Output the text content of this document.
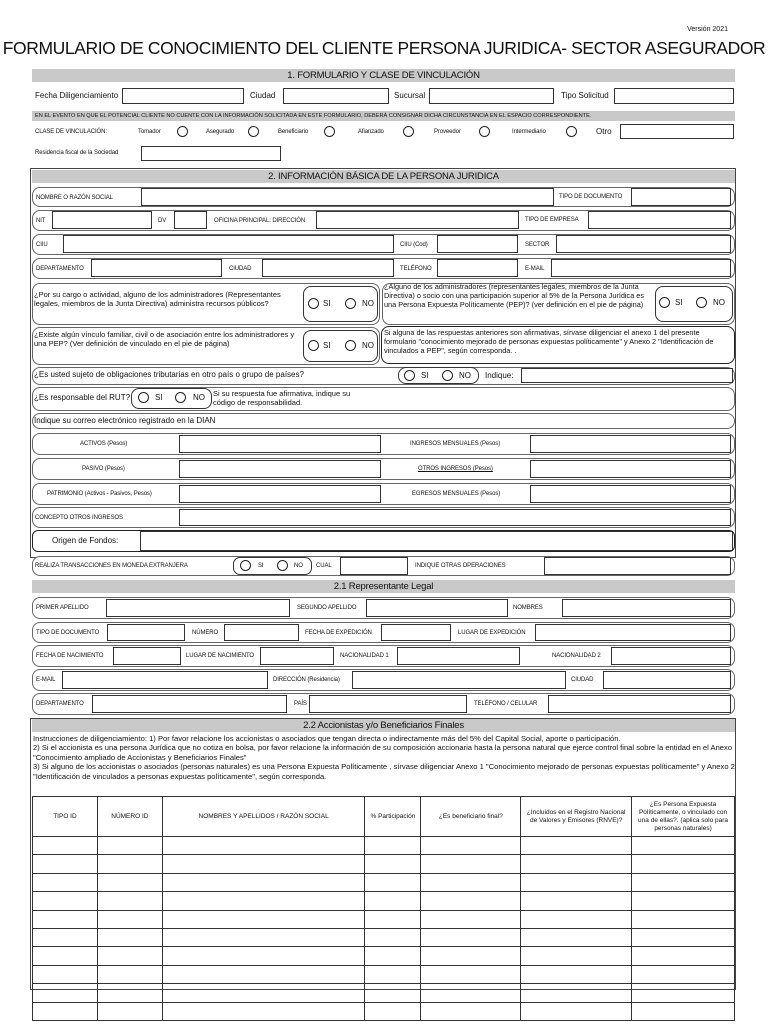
Versión 2021
FORMULARIO DE CONOCIMIENTO DEL CLIENTE PERSONA JURIDICA- SECTOR ASEGURADOR
1. FORMULARIO Y CLASE DE VINCULACIÓN
Fecha Diligenciamiento	Ciudad	Sucursal	Tipo Solicitud
EN EL EVENTO EN QUE EL POTENCIAL CLIENTE NO CUENTE CON LA INFORMACIÓN SOLICITADA EN ESTE FORMULARIO, DEBERÁ CONSIGNAR DICHA CIRCUNSTANCIA EN EL ESPACIO CORRESPONDIENTE.
CLASE DE VINCULACIÓN:	Tomador	Asegurado	Beneficiario	Afianzado	Proveedor	Intermediario	Otro
Residencia fiscal de la Sociedad
2. INFORMACIÓN BÁSICA DE LA PERSONA JURIDICA
NOMBRE O RAZÓN SOCIAL	TIPO DE DOCUMENTO
NIT	DV	OFICINA PRINCIPAL: DIRECCIÓN	TIPO DE EMPRESA
CIIU	CIIU (Cod)	SECTOR
DEPARTAMENTO	CIUDAD	TELÉFONO	E-MAIL
¿Por su cargo o actividad, alguno de los administradores (Representantes legales, miembros de la Junta Directiva) administra recursos públicos?	SI	NO
¿Alguno de los administradores (representantes legales, miembros de la Junta Directiva) o socio con una participación superior al 5% de la Persona Jurídica es una Persona Expuesta Políticamente (PEP)? (ver definición en el pie de página)	SI	NO
¿Existe algún vínculo familiar, civil o de asociación entre los administradores y una PEP? (Ver definición de vinculado en el pie de página)	SI	NO
Si alguna de las respuestas anteriores son afirmativas, sírvase diligenciar el anexo 1 del presente formulario "conocimiento mejorado de personas expuestas políticamente" y Anexo 2 "Identificación de vinculados a PEP", según corresponda. .
¿Es usted sujeto de obligaciones tributarias en otro país o grupo de países?	SI	NO Indique:
¿Es responsable del RUT?	SI	NO Si su respuesta fue afirmativa, indique su código de responsabilidad.
Indique su correo electrónico registrado en la DIAN
ACTIVOS (Pesos)	INGRESOS MENSUALES (Pesos)
PASIVO (Pesos)	OTROS INGRESOS (Pesos)
PATRIMONIO (Activos - Pasivos, Pesos)	EGRESOS MENSUALES (Pesos)
CONCEPTO OTROS INGRESOS
Origen de Fondos:
REALIZA TRANSACCIONES EN MONEDA EXTRANJERA	SI	NO CUAL	INDIQUE OTRAS OPERACIONES
2.1 Representante Legal
PRIMER APELLIDO	SEGUNDO APELLIDO	NOMBRES
TIPO DE DOCUMENTO	NÚMERO	FECHA DE EXPEDICIÓN	LUGAR DE EXPEDICIÓN
FECHA DE NACIMIENTO	LUGAR DE NACIMIENTO	NACIONALIDAD 1	NACIONALIDAD 2
E-MAIL	DIRECCIÓN (Residencia)	CIUDAD
DEPARTAMENTO	PAÍS	TELÉFONO / CELULAR
2.2 Accionistas y/o Beneficiarios Finales
Instrucciones de diligenciamiento: 1) Por favor relacione los accionistas o asociados que tengan directa o indirectamente más del 5% del Capital Social, aporte o participación.
2) Si el accionista es una persona Jurídica que no cotiza en bolsa, por favor relacione la información de su composición accionaria hasta la persona natural que ejerce control final sobre la entidad en el Anexo "Conocimiento ampliado de Accionistas y Beneficiarios Finales"
3) Si alguno de los accionistas o asociados (personas naturales) es una Persona Expuesta Políticamente , sírvase diligenciar Anexo 1 "Conocimiento mejorado de personas expuestas políticamente" y Anexo 2 "Identificación de vinculados a personas expuestas políticamente", según corresponda.
TIPO ID	NÚMERO ID	NOMBRES Y APELLIDOS / RAZÓN SOCIAL	% Participación	¿Es beneficiario final?	¿Incluidos en el Registro Nacional de Valores y Emisores (RNVE)?	¿Es Persona Expuesta Políticamente, o vinculado con una de ellas?. (aplica solo para personas naturales)
